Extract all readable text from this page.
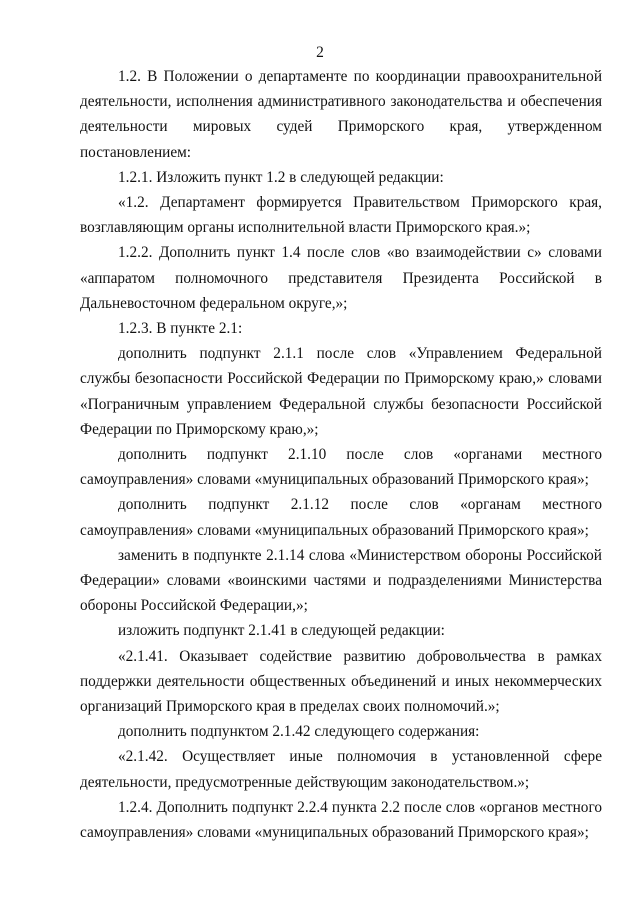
2

1.2. В Положении о департаменте по координации правоохранительной деятельности, исполнения административного законодательства и обеспечения деятельности мировых судей Приморского края, утвержденном постановлением:

1.2.1. Изложить пункт 1.2 в следующей редакции:

«1.2. Департамент формируется Правительством Приморского края, возглавляющим органы исполнительной власти Приморского края.»;

1.2.2. Дополнить пункт 1.4 после слов «во взаимодействии с» словами «аппаратом полномочного представителя Президента Российской в Дальневосточном федеральном округе,»;

1.2.3. В пункте 2.1:

дополнить подпункт 2.1.1 после слов «Управлением Федеральной службы безопасности Российской Федерации по Приморскому краю,» словами «Пограничным управлением Федеральной службы безопасности Российской Федерации по Приморскому краю,»;

дополнить подпункт 2.1.10 после слов «органами местного самоуправления» словами «муниципальных образований Приморского края»;

дополнить подпункт 2.1.12 после слов «органам местного самоуправления» словами «муниципальных образований Приморского края»;

заменить в подпункте 2.1.14 слова «Министерством обороны Российской Федерации» словами «воинскими частями и подразделениями Министерства обороны Российской Федерации,»;

изложить подпункт 2.1.41 в следующей редакции:

«2.1.41. Оказывает содействие развитию добровольчества в рамках поддержки деятельности общественных объединений и иных некоммерческих организаций Приморского края в пределах своих полномочий.»;

дополнить подпунктом 2.1.42 следующего содержания:

«2.1.42. Осуществляет иные полномочия в установленной сфере деятельности, предусмотренные действующим законодательством.»;

1.2.4. Дополнить подпункт 2.2.4 пункта 2.2 после слов «органов местного самоуправления» словами «муниципальных образований Приморского края»;
